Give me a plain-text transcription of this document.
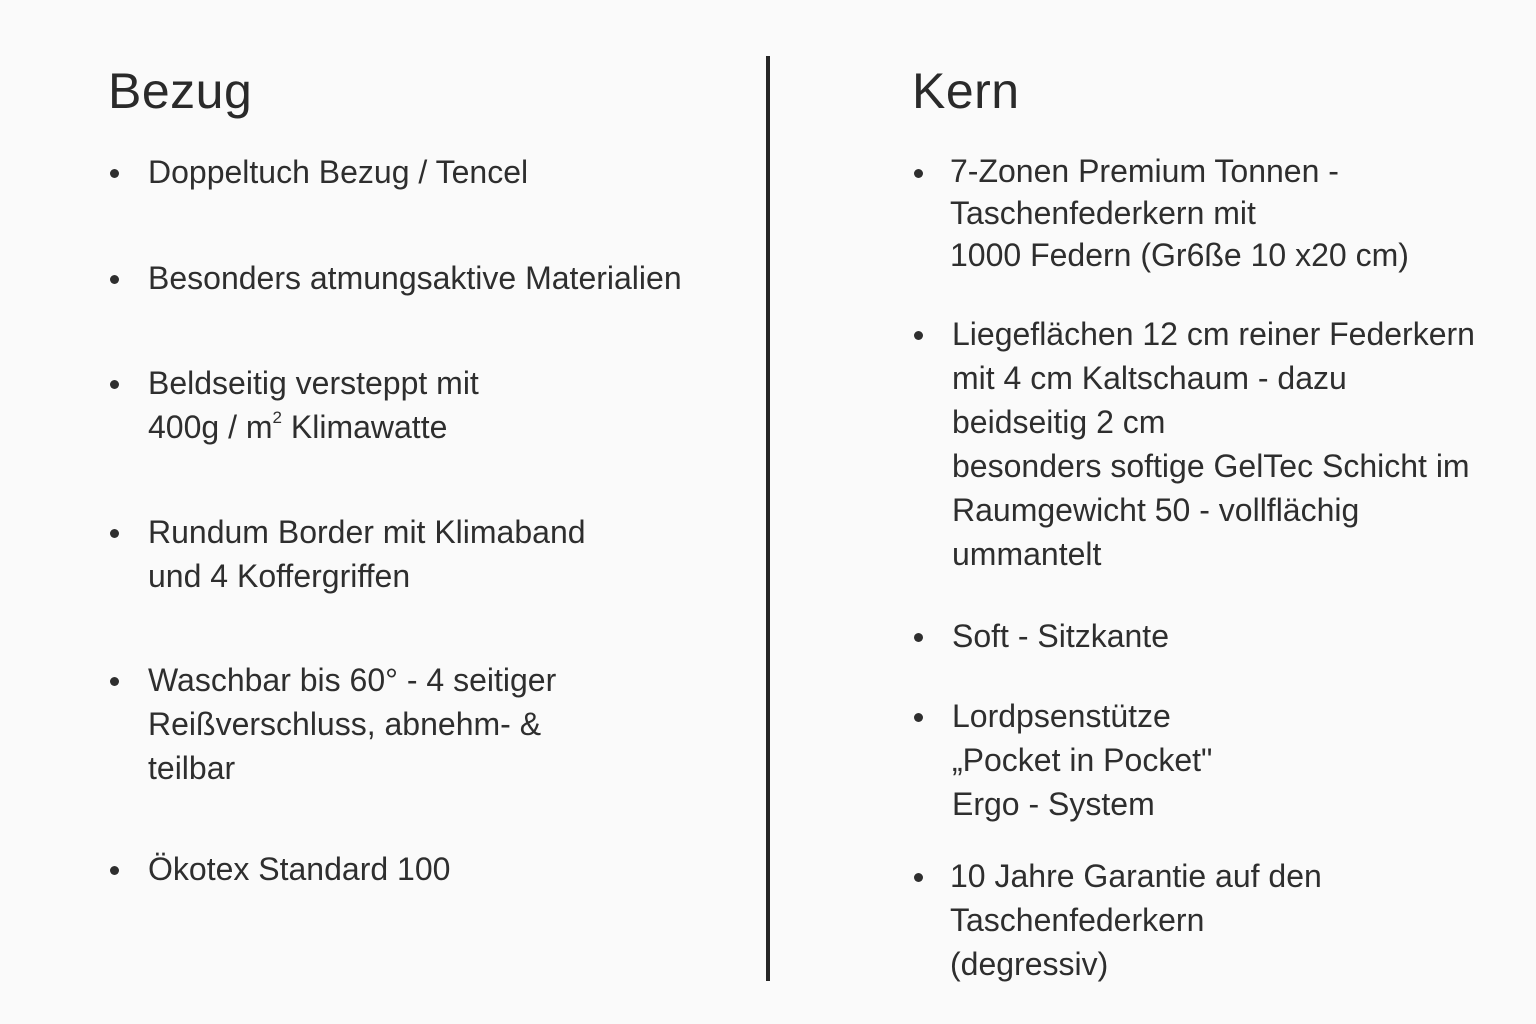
Bezug
Doppeltuch Bezug / Tencel
Besonders atmungsaktive Materialien
Beldseitig versteppt mit
$400g / m^2$ Klimawatte
Rundum Border mit Klimaband
und 4 Koffergriffen
Waschbar bis 60° - 4 seitiger
Reißverschluss, abnehm- &
teilbar
Ökotex Standard 100
Kern
7-Zonen Premium Tonnen -
Taschenfederkern mit
1000 Federn (Gr6ße 10 x20 cm)
Liegeflächen 12 cm reiner Federkern
mit 4 cm Kaltschaum - dazu
beidseitig 2 cm
besonders softige GelTec Schicht im
Raumgewicht 50 - vollflächig
ummantelt
Soft - Sitzkante
Lordpsenstütze
„Pocket in Pocket"
Ergo - System
10 Jahre Garantie auf den
Taschenfederkern
(degressiv)
